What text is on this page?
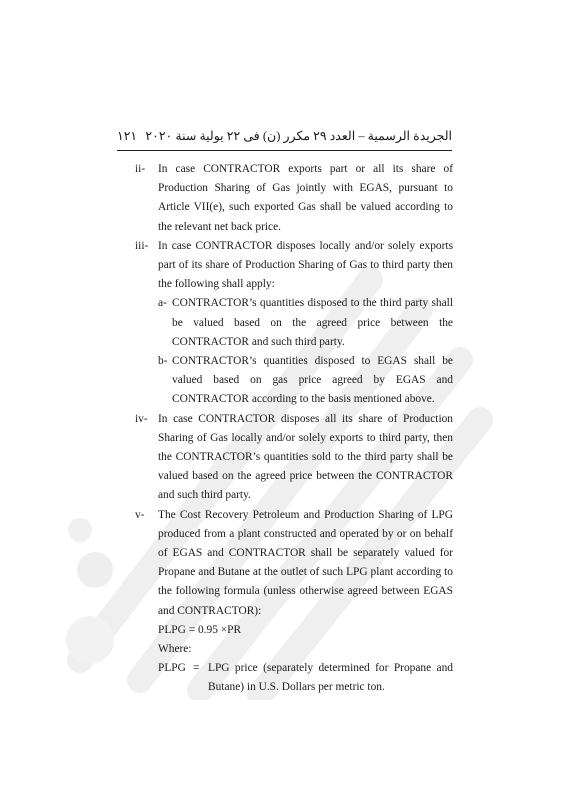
١٢١ الجريدة الرسمية – العدد ٢٩ مكرر (ن) فى ٢٢ يولية سنة ٢٠٢٠
ii-	In case CONTRACTOR exports part or all its share of Production Sharing of Gas jointly with EGAS, pursuant to Article VII(e), such exported Gas shall be valued according to the relevant net back price.
iii- In case CONTRACTOR disposes locally and/or solely exports part of its share of Production Sharing of Gas to third party then the following shall apply:
a- CONTRACTOR’s quantities disposed to the third party shall be valued based on the agreed price between the CONTRACTOR and such third party.
b- CONTRACTOR’s quantities disposed to EGAS shall be valued based on gas price agreed by EGAS and CONTRACTOR according to the basis mentioned above.
iv- In case CONTRACTOR disposes all its share of Production Sharing of Gas locally and/or solely exports to third party, then the CONTRACTOR’s quantities sold to the third party shall be valued based on the agreed price between the CONTRACTOR and such third party.
v-	The Cost Recovery Petroleum and Production Sharing of LPG produced from a plant constructed and operated by or on behalf of EGAS and CONTRACTOR shall be separately valued for Propane and Butane at the outlet of such LPG plant according to the following formula (unless otherwise agreed between EGAS and CONTRACTOR):
PLPG = 0.95 ×PR
Where:
PLPG = LPG price (separately determined for Propane and Butane) in U.S. Dollars per metric ton.
